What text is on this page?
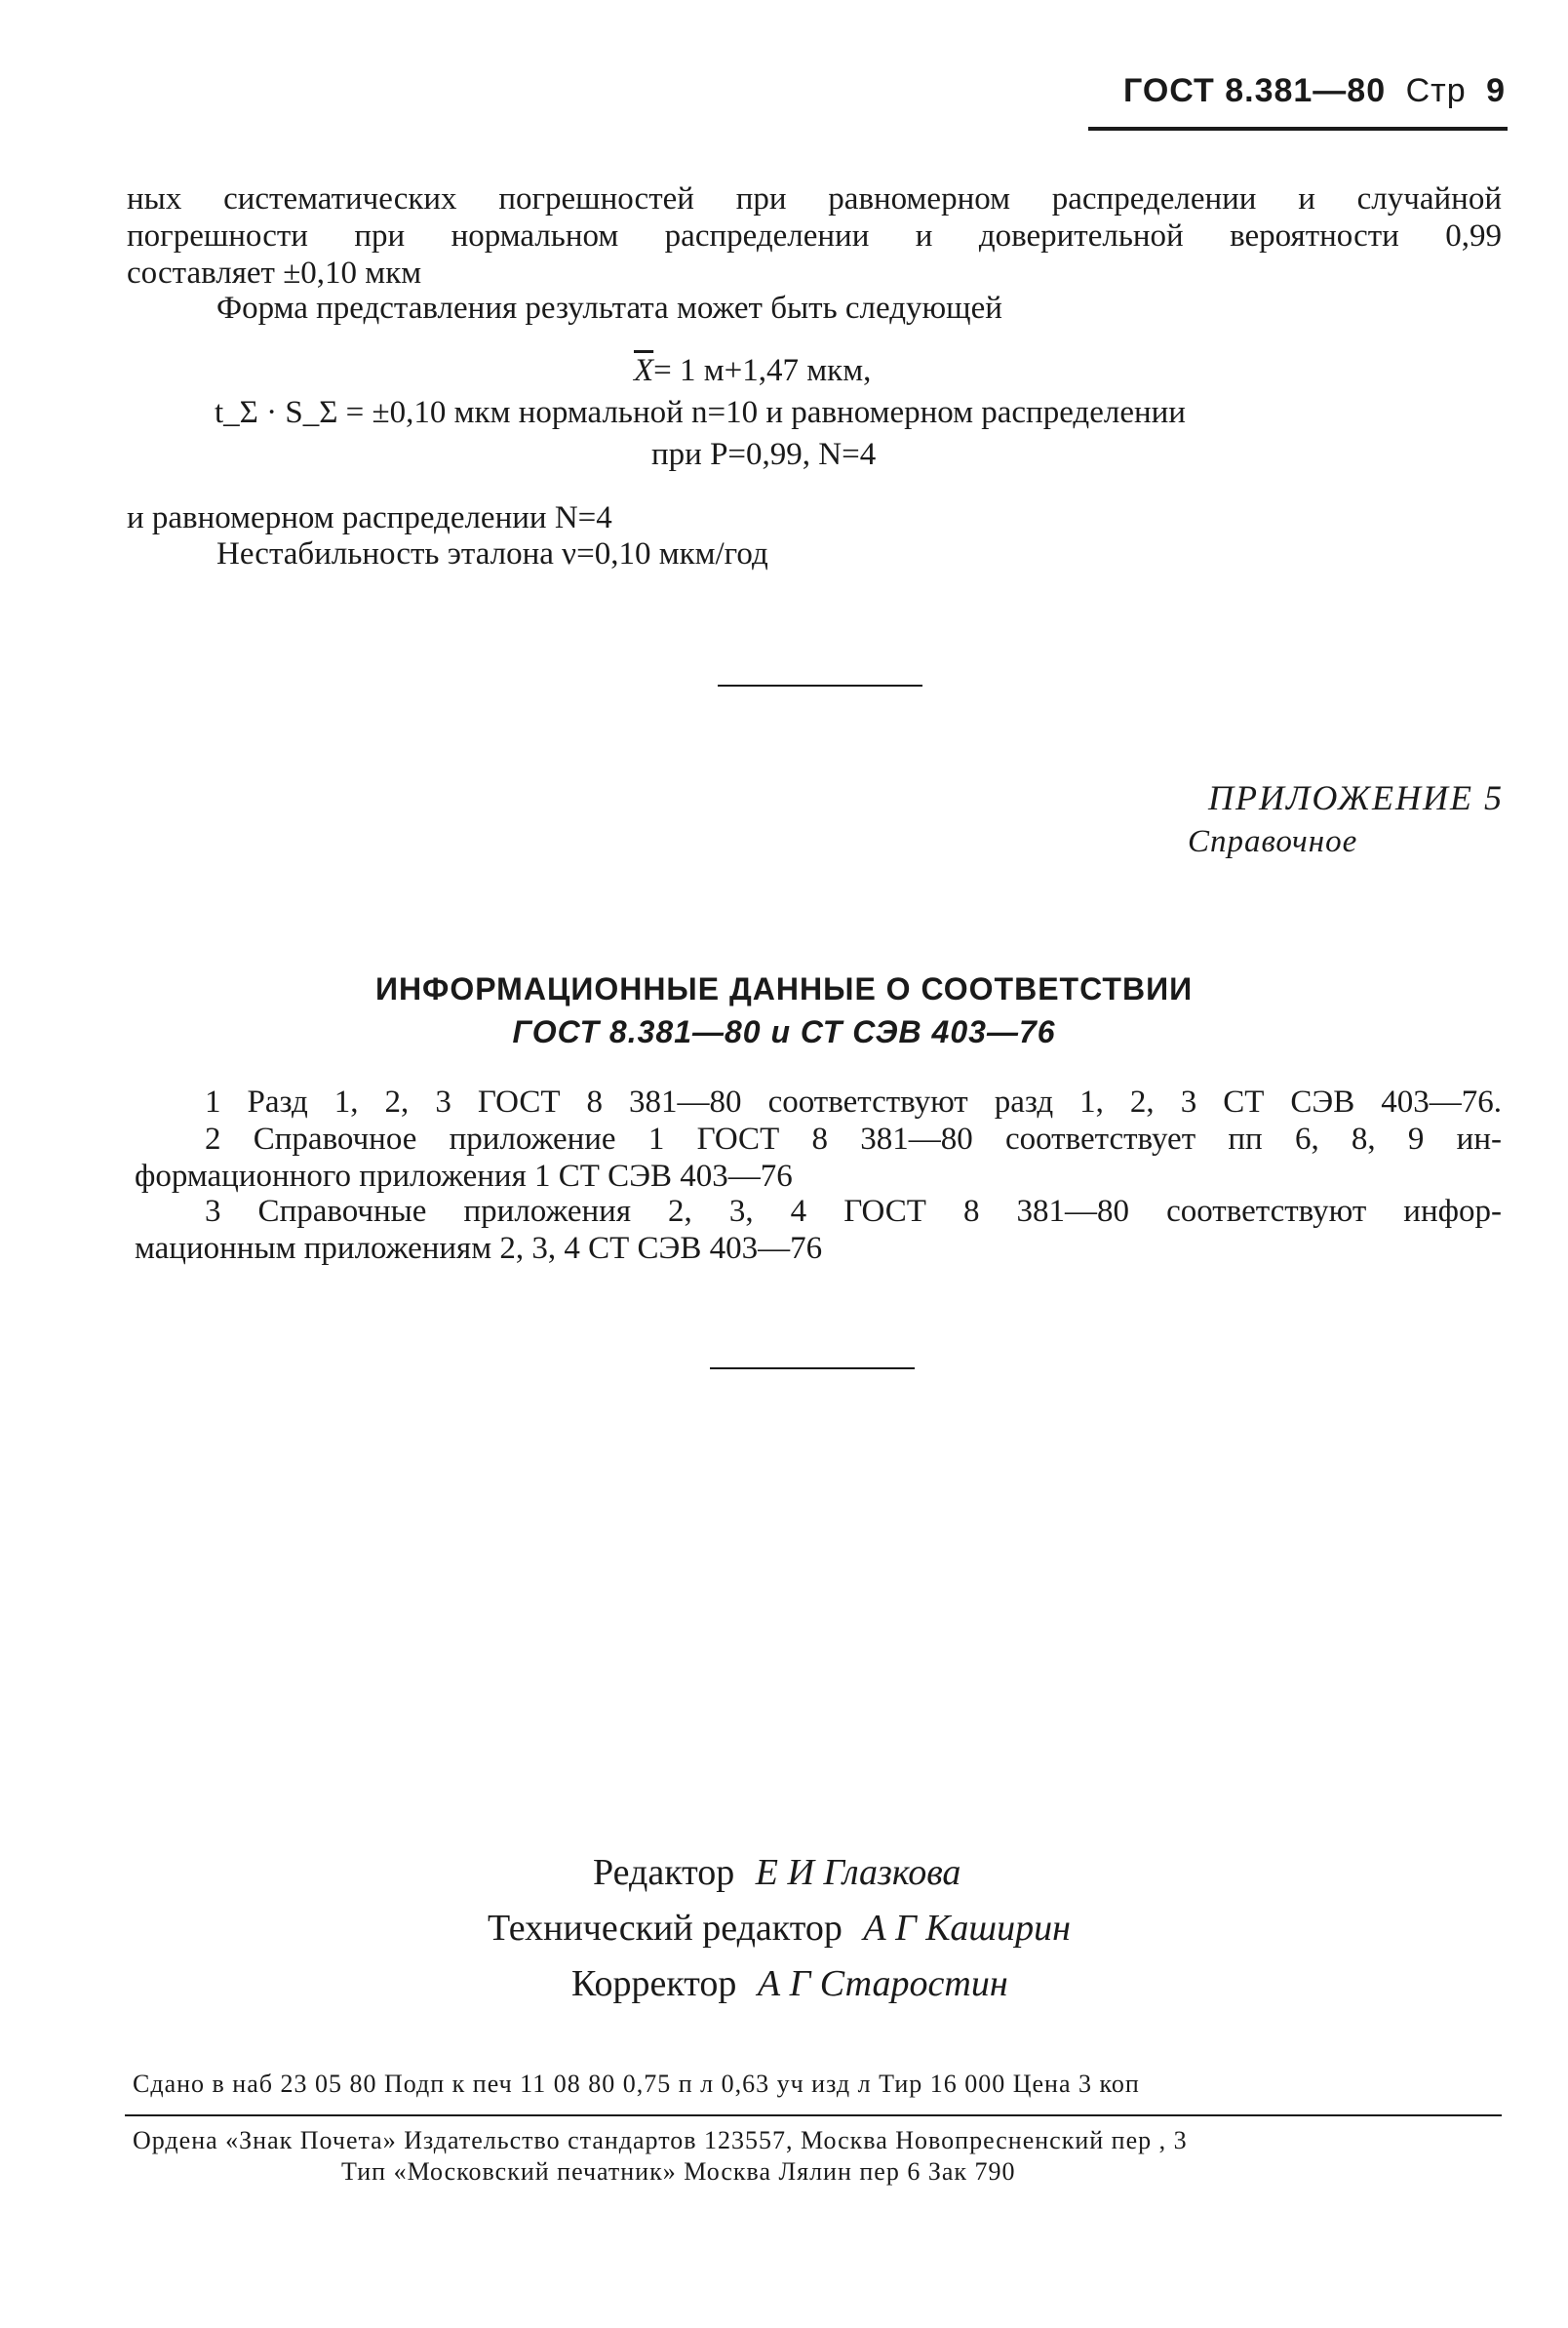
ГОСТ 8.381—80 Стр 9
ных систематических погрешностей при равномерном распределении и случайной
погрешности при нормальном распределении и доверительной вероятности 0,99
составляет ±0,10 мкм
Форма представления результата может быть следующей
$\overline{X}= 1$ м+1,47 мкм,
t_Σ · S_Σ = ±0,10 мкм нормальной n=10 и равномерном распределении
при P=0,99, N=4
и равномерном распределении N=4
Нестабильность эталона ν=0,10 мкм/год
ПРИЛОЖЕНИЕ 5
Справочное
ИНФОРМАЦИОННЫЕ ДАННЫЕ О СООТВЕТСТВИИ
ГОСТ 8.381—80 и СТ СЭВ 403—76
1 Разд 1, 2, 3 ГОСТ 8 381—80 соответствуют разд 1, 2, 3 СТ СЭВ 403—76.
2 Справочное приложение 1 ГОСТ 8 381—80 соответствует пп 6, 8, 9 ин-
формационного приложения 1 СТ СЭВ 403—76
3 Справочные приложения 2, 3, 4 ГОСТ 8 381—80 соответствуют инфор-
мационным приложениям 2, 3, 4 СТ СЭВ 403—76
Редактор Е И Глазкова
Технический редактор А Г Каширин
Корректор А Г Старостин
Сдано в наб 23 05 80 Подп к печ 11 08 80 0,75 п л 0,63 уч изд л Тир 16 000 Цена 3 коп
Ордена «Знак Почета» Издательство стандартов 123557, Москва Новопресненский пер , 3
Тип «Московский печатник» Москва Лялин пер 6 Зак 790
